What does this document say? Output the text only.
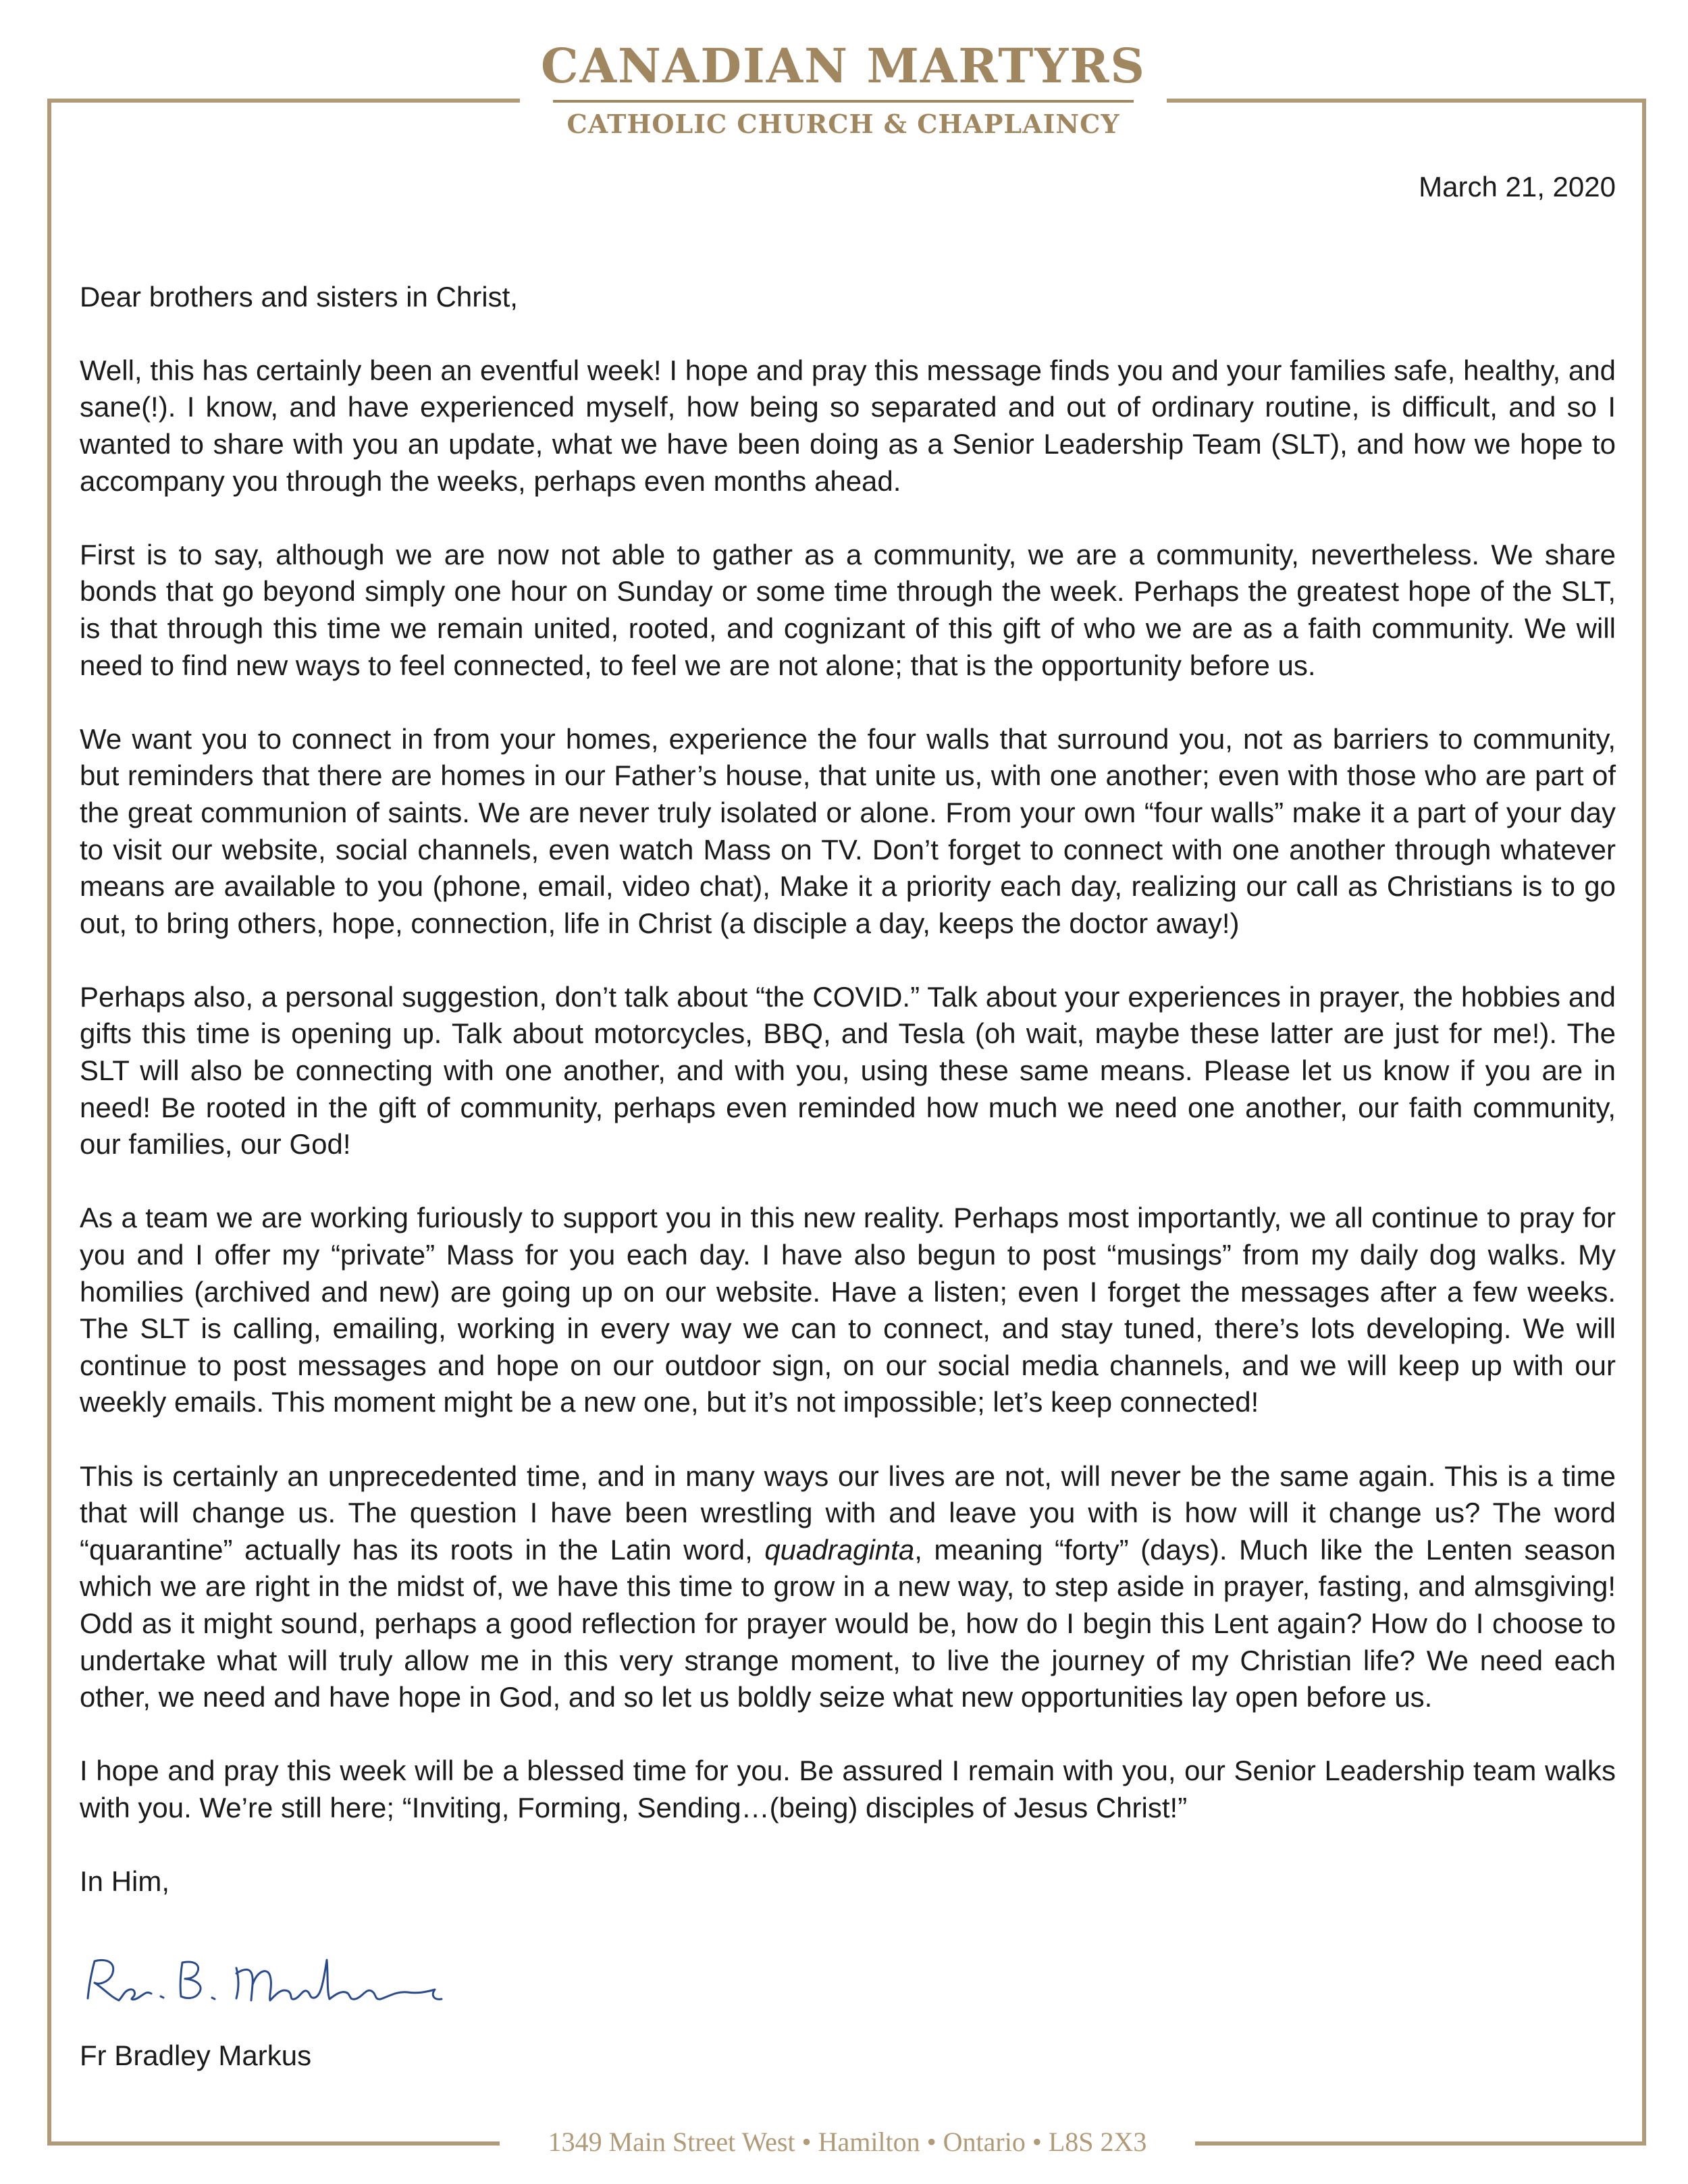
CANADIAN MARTYRS
CATHOLIC CHURCH & CHAPLAINCY

March 21, 2020

Dear brothers and sisters in Christ,

Well, this has certainly been an eventful week! I hope and pray this message finds you and your families safe, healthy, and sane(!). I know, and have experienced myself, how being so separated and out of ordinary routine, is difficult, and so I wanted to share with you an update, what we have been doing as a Senior Leadership Team (SLT), and how we hope to accompany you through the weeks, perhaps even months ahead.

First is to say, although we are now not able to gather as a community, we are a community, nevertheless. We share bonds that go beyond simply one hour on Sunday or some time through the week. Perhaps the greatest hope of the SLT, is that through this time we remain united, rooted, and cognizant of this gift of who we are as a faith community. We will need to find new ways to feel connected, to feel we are not alone; that is the opportunity before us.

We want you to connect in from your homes, experience the four walls that surround you, not as barriers to community, but reminders that there are homes in our Father’s house, that unite us, with one another; even with those who are part of the great communion of saints. We are never truly isolated or alone. From your own “four walls” make it a part of your day to visit our website, social channels, even watch Mass on TV. Don’t forget to connect with one another through whatever means are available to you (phone, email, video chat), Make it a priority each day, realizing our call as Christians is to go out, to bring others, hope, connection, life in Christ (a disciple a day, keeps the doctor away!)

Perhaps also, a personal suggestion, don’t talk about “the COVID.” Talk about your experiences in prayer, the hobbies and gifts this time is opening up. Talk about motorcycles, BBQ, and Tesla (oh wait, maybe these latter are just for me!). The SLT will also be connecting with one another, and with you, using these same means. Please let us know if you are in need! Be rooted in the gift of community, perhaps even reminded how much we need one another, our faith community, our families, our God!

As a team we are working furiously to support you in this new reality. Perhaps most importantly, we all continue to pray for you and I offer my “private” Mass for you each day. I have also begun to post “musings” from my daily dog walks. My homilies (archived and new) are going up on our website. Have a listen; even I forget the messages after a few weeks. The SLT is calling, emailing, working in every way we can to connect, and stay tuned, there’s lots developing. We will continue to post messages and hope on our outdoor sign, on our social media channels, and we will keep up with our weekly emails. This moment might be a new one, but it’s not impossible; let’s keep connected!

This is certainly an unprecedented time, and in many ways our lives are not, will never be the same again. This is a time that will change us. The question I have been wrestling with and leave you with is how will it change us? The word “quarantine” actually has its roots in the Latin word, quadraginta, meaning “forty” (days). Much like the Lenten season which we are right in the midst of, we have this time to grow in a new way, to step aside in prayer, fasting, and almsgiving! Odd as it might sound, perhaps a good reflection for prayer would be, how do I begin this Lent again? How do I choose to undertake what will truly allow me in this very strange moment, to live the journey of my Christian life? We need each other, we need and have hope in God, and so let us boldly seize what new opportunities lay open before us.

I hope and pray this week will be a blessed time for you. Be assured I remain with you, our Senior Leadership team walks with you. We’re still here; “Inviting, Forming, Sending…(being) disciples of Jesus Christ!”

In Him,

Fr Bradley Markus

1349 Main Street West • Hamilton • Ontario • L8S 2X3
